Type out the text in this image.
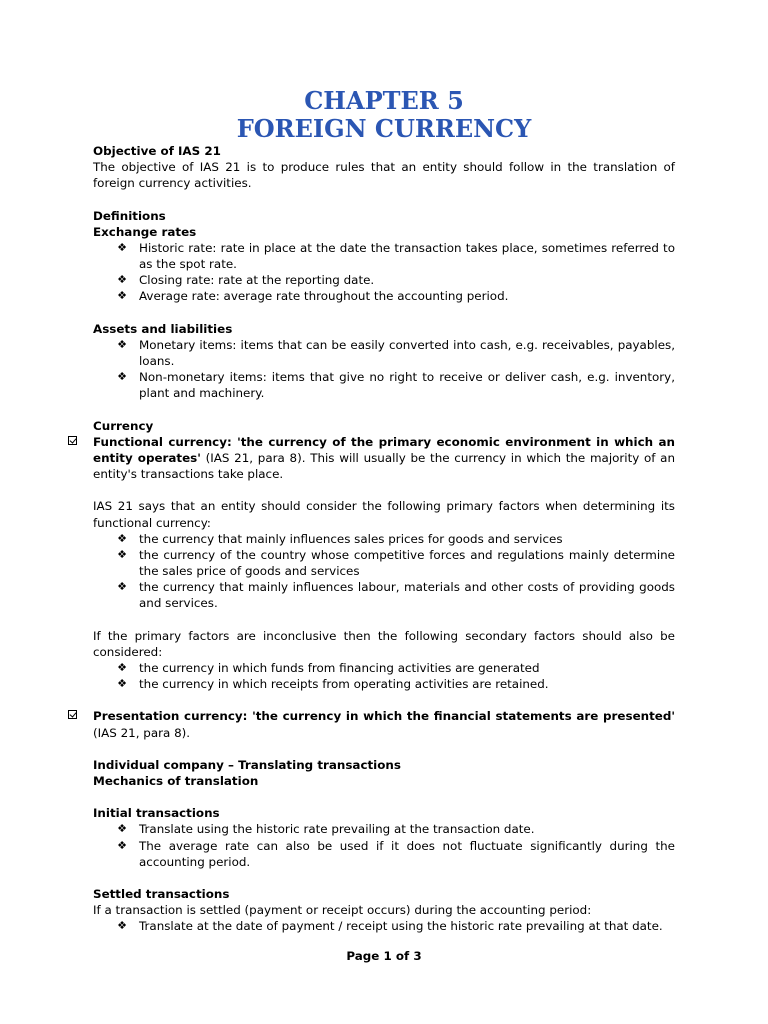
CHAPTER 5
FOREIGN CURRENCY
Objective of IAS 21
The objective of IAS 21 is to produce rules that an entity should follow in the translation of foreign currency activities.
Definitions
Exchange rates
❖ Historic rate: rate in place at the date the transaction takes place, sometimes referred to as the spot rate.
❖ Closing rate: rate at the reporting date.
❖ Average rate: average rate throughout the accounting period.
Assets and liabilities
❖ Monetary items: items that can be easily converted into cash, e.g. receivables, payables, loans.
❖ Non-monetary items: items that give no right to receive or deliver cash, e.g. inventory, plant and machinery.
Currency
Functional currency: 'the currency of the primary economic environment in which an entity operates' (IAS 21, para 8). This will usually be the currency in which the majority of an entity's transactions take place.
IAS 21 says that an entity should consider the following primary factors when determining its functional currency:
❖ the currency that mainly influences sales prices for goods and services
❖ the currency of the country whose competitive forces and regulations mainly determine the sales price of goods and services
❖ the currency that mainly influences labour, materials and other costs of providing goods and services.
If the primary factors are inconclusive then the following secondary factors should also be considered:
❖ the currency in which funds from financing activities are generated
❖ the currency in which receipts from operating activities are retained.
Presentation currency: 'the currency in which the financial statements are presented' (IAS 21, para 8).
Individual company – Translating transactions
Mechanics of translation
Initial transactions
❖ Translate using the historic rate prevailing at the transaction date.
❖ The average rate can also be used if it does not fluctuate significantly during the accounting period.
Settled transactions
If a transaction is settled (payment or receipt occurs) during the accounting period:
❖ Translate at the date of payment / receipt using the historic rate prevailing at that date.
Page 1 of 3
